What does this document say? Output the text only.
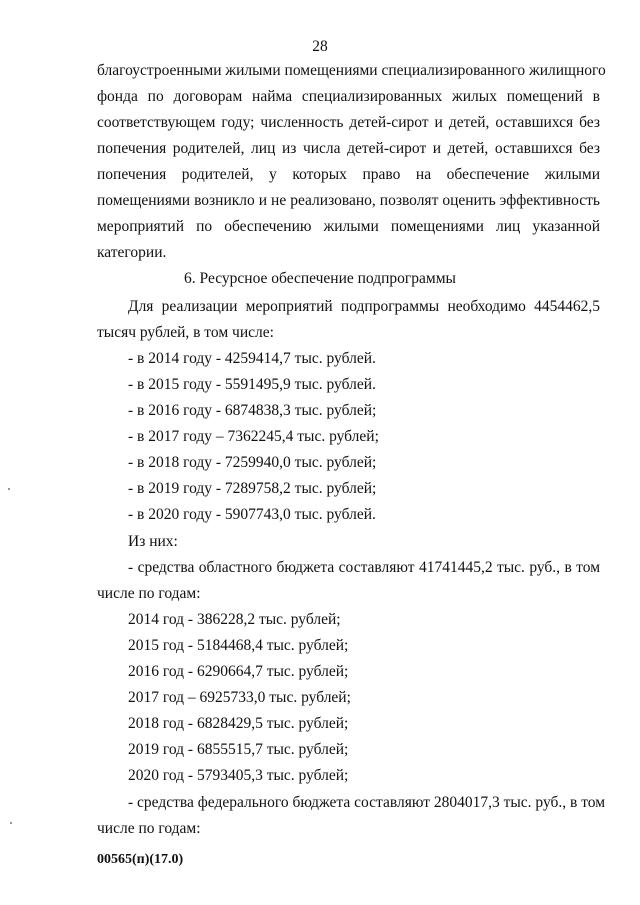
28
благоустроенными жилыми помещениями специализированного жилищного
фонда по договорам найма специализированных жилых помещений в
соответствующем году; численность детей-сирот и детей, оставшихся без
попечения родителей, лиц из числа детей-сирот и детей, оставшихся без
попечения родителей, у которых право на обеспечение жилыми
помещениями возникло и не реализовано, позволят оценить эффективность
мероприятий по обеспечению жилыми помещениями лиц указанной
категории.
6. Ресурсное обеспечение подпрограммы
Для реализации мероприятий подпрограммы необходимо 4454462,5
тысяч рублей, в том числе:
- в 2014 году - 4259414,7 тыс. рублей.
- в 2015 году - 5591495,9 тыс. рублей.
- в 2016 году - 6874838,3 тыс. рублей;
- в 2017 году – 7362245,4 тыс. рублей;
- в 2018 году - 7259940,0 тыс. рублей;
- в 2019 году - 7289758,2 тыс. рублей;
- в 2020 году - 5907743,0 тыс. рублей.
Из них:
- средства областного бюджета составляют 41741445,2 тыс. руб., в том
числе по годам:
2014 год - 386228,2 тыс. рублей;
2015 год - 5184468,4 тыс. рублей;
2016 год - 6290664,7 тыс. рублей;
2017 год – 6925733,0 тыс. рублей;
2018 год - 6828429,5 тыс. рублей;
2019 год - 6855515,7 тыс. рублей;
2020 год - 5793405,3 тыс. рублей;
- средства федерального бюджета составляют 2804017,3 тыс. руб., в том
числе по годам:
00565(п)(17.0)
